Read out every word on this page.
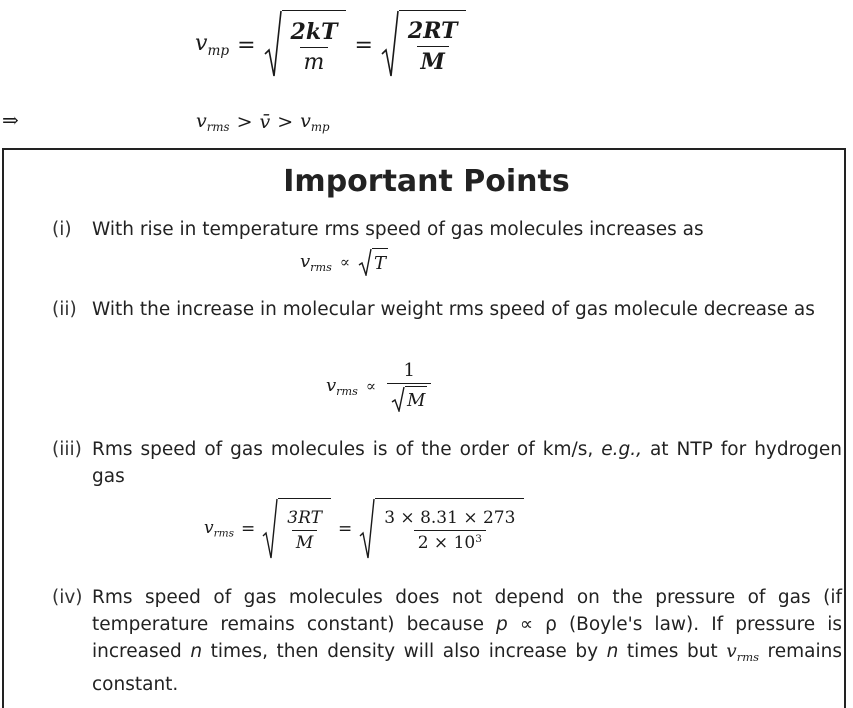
$v_{mp} = \frac{2kT}{m} = \frac{2RT}{M}$
⇒	$v_{rms}$ > v̄ > $v_{mp}$
Important Points
(i) With rise in temperature rms speed of gas molecules increases as
$v_{rms} \propto T$
(ii) With the increase in molecular weight rms speed of gas molecule decrease as
$v_{rms} \propto \frac{1}{M}$
(iii) Rms speed of gas molecules is of the order of km/s, e.g., at NTP for hydrogen gas
$v_{rms} = \frac{3RT}{M} = \frac{3 \times 8.31 \times 273}{2 \times 10^3}$
(iv) Rms speed of gas molecules does not depend on the pressure of gas (if temperature remains constant) because p ∝ ρ (Boyle's law). If pressure is increased n times, then density will also increase by n times but $v_{rms}$ remains constant.
